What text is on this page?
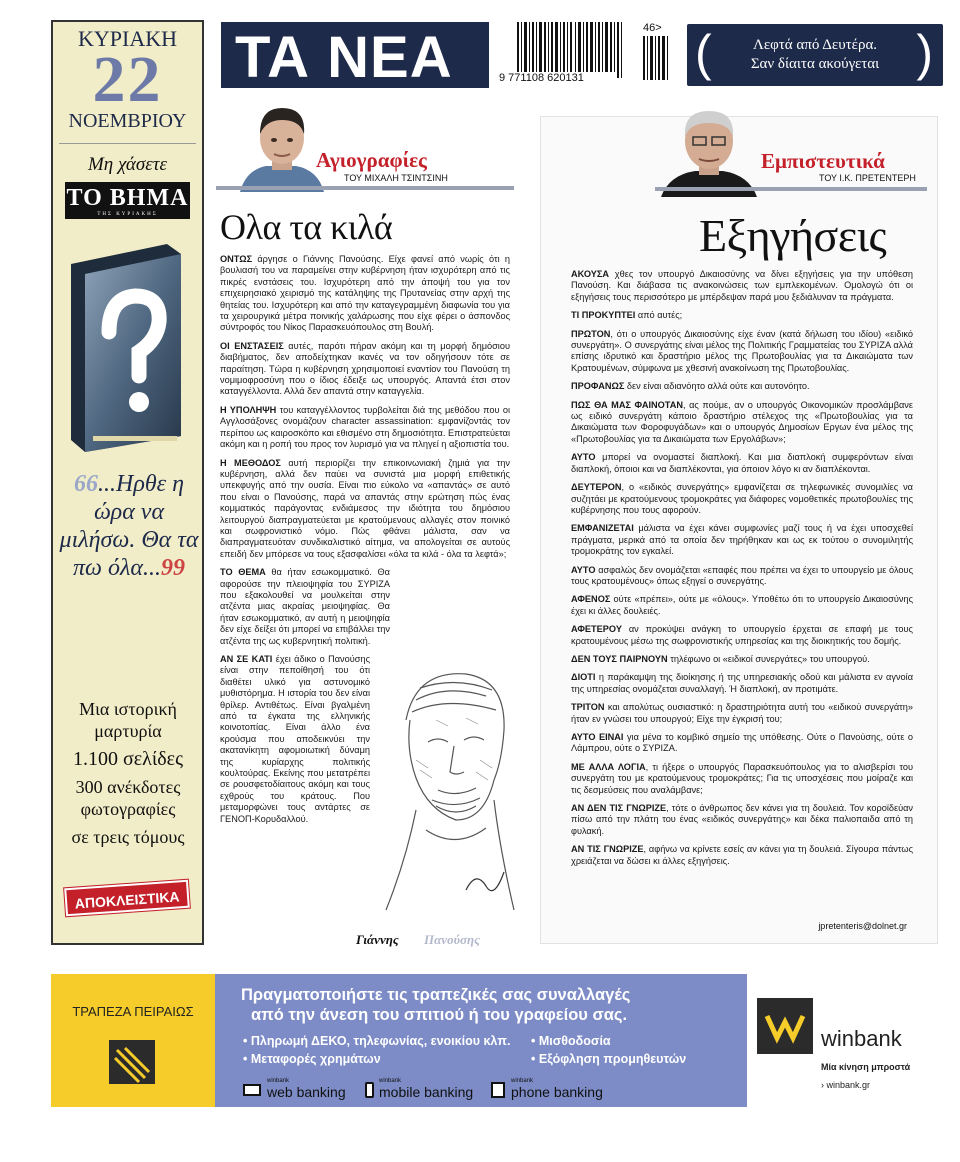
ΚΥΡΙΑΚΗ
22
ΝΟΕΜΒΡΙΟΥ
Μη χάσετε
ΤΟ ΒΗΜΑ
ΤΗΣ ΚΥΡΙΑΚΗΣ
66...Ηρθε η ώρα να μιλήσω. Θα τα πω όλα...99
Μια ιστορική μαρτυρία
1.100 σελίδες
300 ανέκδοτες φωτογραφίες
σε τρεις τόμους
ΑΠΟΚΛΕΙΣΤΙΚΑ
ΤΑ ΝΕΑ	9 771108 620131
46> (	)
Λεφτά από Δευτέρα.
Σαν δίαιτα ακούγεται
Αγιογραφίες
ΤΟΥ ΜΙΧΑΛΗ ΤΣΙΝΤΣΙΝΗ
Ολα τα κιλά
ΟΝΤΩΣ άργησε ο Γιάννης Πανούσης. Είχε φανεί από νωρίς ότι η βουλιασή του να παραμείνει στην κυβέρνηση ήταν ισχυρότερη από τις πικρές ενστάσεις του. Ισχυρότερη από την άποψή του για τον επιχειρησιακό χειρισμό της κατάληψης της Πρυτανείας στην αρχή της θητείας του. Ισχυρότερη και από την καταγεγραμμένη διαφωνία του για τα χειρουργικά μέτρα ποινικής χαλάρωσης που είχε φέρει ο άσπονδος σύντροφός του Νίκος Παρασκευόπουλος στη Βουλή.
ΟΙ ΕΝΣΤΑΣΕΙΣ αυτές, παρότι πήραν ακόμη και τη μορφή δημόσιου διαβήματος, δεν αποδείχτηκαν ικανές να τον οδηγήσουν τότε σε παραίτηση. Τώρα η κυβέρνηση χρησιμοποιεί εναντίον του Πανούση τη νομιμοφροσύνη που ο ίδιος έδειξε ως υπουργός. Απαντά έτσι στον καταγγέλλοντα. Αλλά δεν απαντά στην καταγγελία.
Η ΥΠΟΛΗΨΗ του καταγγέλλοντος τυρβολείται διά της μεθόδου που οι Αγγλοσάξονες ονομάζουν character assassination: εμφανίζοντάς τον περίπου ως καιροσκόπο και εθισμένο στη δημοσιότητα. Επιστρατεύεται ακόμη και η ροπή του προς τον λυρισμό για να πληγεί η αξιοπιστία του.
Η ΜΕΘΟΔΟΣ αυτή περιορίζει την επικοινωνιακή ζημιά για την κυβέρνηση, αλλά δεν παύει να συνιστά μια μορφή επιθετικής υπεκφυγής από την ουσία. Είναι πιο εύκολο να «απαντάς» σε αυτό που είναι ο Πανούσης, παρά να απαντάς στην ερώτηση πώς ένας κομματικός παράγοντας ενδιάμεσος την ιδιότητα του δημόσιου λειτουργού διαπραγματεύεται με κρατούμενους αλλαγές στον ποινικό και σωφρονιστικό νόμο. Πώς φθάνει μάλιστα, σαν να διαπραγματευόταν συνδικαλιστικό αίτημα, να απολογείται σε αυτούς επειδή δεν μπόρεσε να τους εξασφαλίσει «όλα τα κιλά - όλα τα λεφτά»;
ΤΟ ΘΕΜΑ θα ήταν εσωκομματικό. Θα αφορούσε την πλειοψηφία του ΣΥΡΙΖΑ που εξακολουθεί να μουλκείται στην ατζέντα μιας ακραίας μειοψηφίας. Θα ήταν εσωκομματικό, αν αυτή η μειοψηφία δεν είχε δείξει ότι μπορεί να επιβάλλει την ατζέντα της ως κυβερνητική πολιτική.
ΑΝ ΣΕ ΚΑΤΙ έχει άδικο ο Πανούσης είναι στην πεποίθησή του ότι διαθέτει υλικό για αστυνομικό μυθιστόρημα. Η ιστορία του δεν είναι θρίλερ. Αντιθέτως. Είναι βγαλμένη από τα έγκατα της ελληνικής κοινοτοπίας. Είναι άλλο ένα κρούσμα που αποδεικνύει την ακατανίκητη αφομοιωτική δύναμη της κυρίαρχης πολιτικής κουλτούρας. Εκείνης που μετατρέπει σε ρουσφετοδίαιτους ακόμη και τους εχθρούς του κράτους. Που μεταμορφώνει τους αντάρτες σε ΓΕΝΟΠ-Κορυδαλλού.
Γιάννης Πανούσης
Εμπιστευτικά
ΤΟΥ Ι.Κ. ΠΡΕΤΕΝΤΕΡΗ
Εξηγήσεις
ΑΚΟΥΣΑ χθες τον υπουργό Δικαιοσύνης να δίνει εξηγήσεις για την υπόθεση Πανούση. Και διάβασα τις ανακοινώσεις των εμπλεκομένων. Ομολογώ ότι οι εξηγήσεις τους περισσότερο με μπέρδεψαν παρά μου ξεδιάλυναν τα πράγματα.
ΤΙ ΠΡΟΚΥΠΤΕΙ από αυτές;
ΠΡΩΤΟΝ, ότι ο υπουργός Δικαιοσύνης είχε έναν (κατά δήλωση του ιδίου) «ειδικό συνεργάτη». Ο συνεργάτης είναι μέλος της Πολιτικής Γραμματείας του ΣΥΡΙΖΑ αλλά επίσης ιδρυτικό και δραστήριο μέλος της Πρωτοβουλίας για τα Δικαιώματα των Κρατουμένων, σύμφωνα με χθεσινή ανακοίνωση της Πρωτοβουλίας.
ΠΡΟΦΑΝΩΣ δεν είναι αδιανόητο αλλά ούτε και αυτονόητο.
ΠΩΣ ΘΑ ΜΑΣ ΦΑΙΝΟΤΑΝ, ας πούμε, αν ο υπουργός Οικονομικών προσλάμβανε ως ειδικό συνεργάτη κάποιο δραστήριο στέλεχος της «Πρωτοβουλίας για τα Δικαιώματα των Φοροφυγάδων» και ο υπουργός Δημοσίων Εργων ένα μέλος της «Πρωτοβουλίας για τα Δικαιώματα των Εργολάβων»;
ΑΥΤΟ μπορεί να ονομαστεί διαπλοκή. Και μια διαπλοκή συμφερόντων είναι διαπλοκή, όποιοι και να διαπλέκονται, για όποιον λόγο κι αν διαπλέκονται.
ΔΕΥΤΕΡΟΝ, ο «ειδικός συνεργάτης» εμφανίζεται σε τηλεφωνικές συνομιλίες να συζητάει με κρατούμενους τρομοκράτες για διάφορες νομοθετικές πρωτοβουλίες της κυβέρνησης που τους αφορούν.
ΕΜΦΑΝΙΖΕΤΑΙ μάλιστα να έχει κάνει συμφωνίες μαζί τους ή να έχει υποσχεθεί πράγματα, μερικά από τα οποία δεν τηρήθηκαν και ως εκ τούτου ο συνομιλητής τρομοκράτης τον εγκαλεί.
ΑΥΤΟ ασφαλώς δεν ονομάζεται «επαφές που πρέπει να έχει το υπουργείο με όλους τους κρατουμένους» όπως εξηγεί ο συνεργάτης.
ΑΦΕΝΟΣ ούτε «πρέπει», ούτε με «όλους». Υποθέτω ότι το υπουργείο Δικαιοσύνης έχει κι άλλες δουλειές.
ΑΦΕΤΕΡΟΥ αν προκύψει ανάγκη το υπουργείο έρχεται σε επαφή με τους κρατουμένους μέσω της σωφρονιστικής υπηρεσίας και της διοικητικής του δομής.
ΔΕΝ ΤΟΥΣ ΠΑΙΡΝΟΥΝ τηλέφωνο οι «ειδικοί συνεργάτες» του υπουργού.
ΔΙΟΤΙ η παράκαμψη της διοίκησης ή της υπηρεσιακής οδού και μάλιστα εν αγνοία της υπηρεσίας ονομάζεται συναλλαγή. Ή διαπλοκή, αν προτιμάτε.
ΤΡΙΤΟΝ και απολύτως ουσιαστικό: η δραστηριότητα αυτή του «ειδικού συνεργάτη» ήταν εν γνώσει του υπουργού; Είχε την έγκρισή του;
ΑΥΤΟ ΕΙΝΑΙ για μένα το κομβικό σημείο της υπόθεσης. Ούτε ο Πανούσης, ούτε ο Λάμπρου, ούτε ο ΣΥΡΙΖΑ.
ΜΕ ΑΛΛΑ ΛΟΓΙΑ, τι ήξερε ο υπουργός Παρασκευόπουλος για το αλισβερίσι του συνεργάτη του με κρατούμενους τρομοκράτες; Για τις υποσχέσεις που μοίραζε και τις δεσμεύσεις που αναλάμβανε;
ΑΝ ΔΕΝ ΤΙΣ ΓΝΩΡΙΖΕ, τότε ο άνθρωπος δεν κάνει για τη δουλειά. Τον κοροϊδεύαν πίσω από την πλάτη του ένας «ειδικός συνεργάτης» και δέκα παλιοπαιδα από τη φυλακή.
ΑΝ ΤΙΣ ΓΝΩΡΙΖΕ, αφήνω να κρίνετε εσείς αν κάνει για τη δουλειά. Σίγουρα πάντως χρειάζεται να δώσει κι άλλες εξηγήσεις.
jpretenteris@dolnet.gr
ΤΡΑΠΕΖΑ ΠΕΙΡΑΙΩΣ
Πραγματοποιήστε τις τραπεζικές σας συναλλαγές
από την άνεση του σπιτιού ή του γραφείου σας.
• Πληρωμή ΔΕΚΟ, τηλεφωνίας, ενοικίου κλπ. • Μισθοδοσία
• Μεταφορές χρημάτων	• Εξόφληση προμηθευτών
winbank
web banking
winbank
mobile banking
winbank
phone banking
winbank
Μία κίνηση μπροστά
› winbank.gr
